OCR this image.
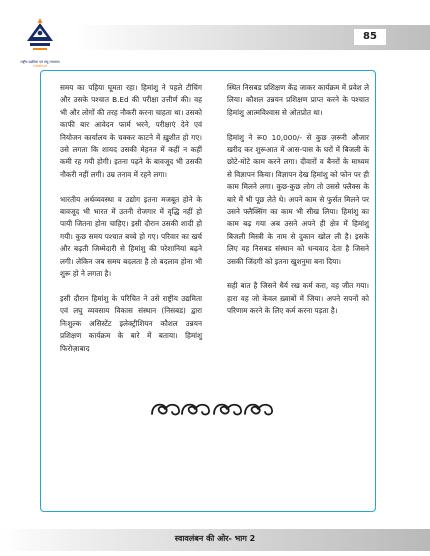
85
राष्ट्रीय उद्यमिता एवं लघु व्यवसाय
niesbud

समय का पहिया घूमता रहा। हिमांशु ने पहले टीचिंग और उसके पश्चात B.Ed की परीक्षा उत्तीर्ण की। वह भी और लोगों की तरह नौकरी करना चाहता था। उसको काफी बार आवेदन फार्म भरने, परीक्षाएं देने एवं नियोजन कार्यालय के चक्कर काटने में ख़ुशीत हो गए। उसे लगता कि शायद उसकी मेहनत में कहीं न कहीं कमी रह गयी होगी। इतना पढ़ने के बावजूद भी उसकी नौकरी नहीं लगी। उम्र तनाव में रहने लगा।

भारतीय अर्थव्यवस्था व उद्योग इतना मजबूत होने के बावजूद भी भारत में उतनी रोजगार में वृद्धि नहीं हो पायी जितना होना चाहिए। इसी दौरान उसकी शादी हो गयी। कुछ समय पश्चात बच्चे हो गए। परिवार का खर्च और बढ़ती जिम्मेदारी से हिमांशु की परेशानियां बढ़ने लगी। लेकिन जब समय बदलता है तो बदलाव होना भी शुरू हो ने लगता है।

इसी दौरान हिमांशु के परिचित ने उसे राष्ट्रीय उद्यमिता एवं लघु व्यवसाय विकास संस्थान (निसबड) द्वारा निःशुल्क असिस्टेंट इलेक्ट्रीशियन कौशल उन्नयन प्रशिक्षण कार्यक्रम के बारे में बताया। हिमांशु फिरोज़ाबाद

स्थित निसबड प्रशिक्षण केंद्र जाकर कार्यक्रम में प्रवेश ले लिया। कौशल उन्नयन प्रशिक्षण प्राप्त करने के पश्चात हिमांशु आत्मविश्वास से ओतप्रोत था।

हिमांशु ने रू0 10,000/- से कुछ ज़रूरी औजार खरीद कर शुरूआत में आस-पास के घरों में बिजली के छोटे-मोटे काम करने लगा। दीवारों व बैनरों के माध्यम से विज्ञापन किया। विज्ञापन देख हिमांशु को फोन पर ही काम मिलने लगा। कुछ-कुछ लोग तो उससे फ्लैक्स के बारे में भी पूछ लेते थे। अपने काम से फुर्सत मिलने पर उसने फ्लैक्सिंग का काम भी सीख लिया। हिमांशु का काम बढ़ गया अब उसने अपने ही क्षेत्र में हिमांशु बिजली मिस्त्री के नाम से दुकान खोल ली है। इसके लिए वह निसबड संस्थान को धन्यवाद देता है जिसने उसकी जिंदगी को इतना खुशनुमा बना दिया।

सही बात है जिसने धैर्य रख कर्म करा, वह जीत गया। हारा वह जो केवल ख़्वाबों में जिया। अपने सपनों को परिणाम करने के लिए कर्म करना पड़ता है।

स्वावलंबन की ओर- भाग 2
